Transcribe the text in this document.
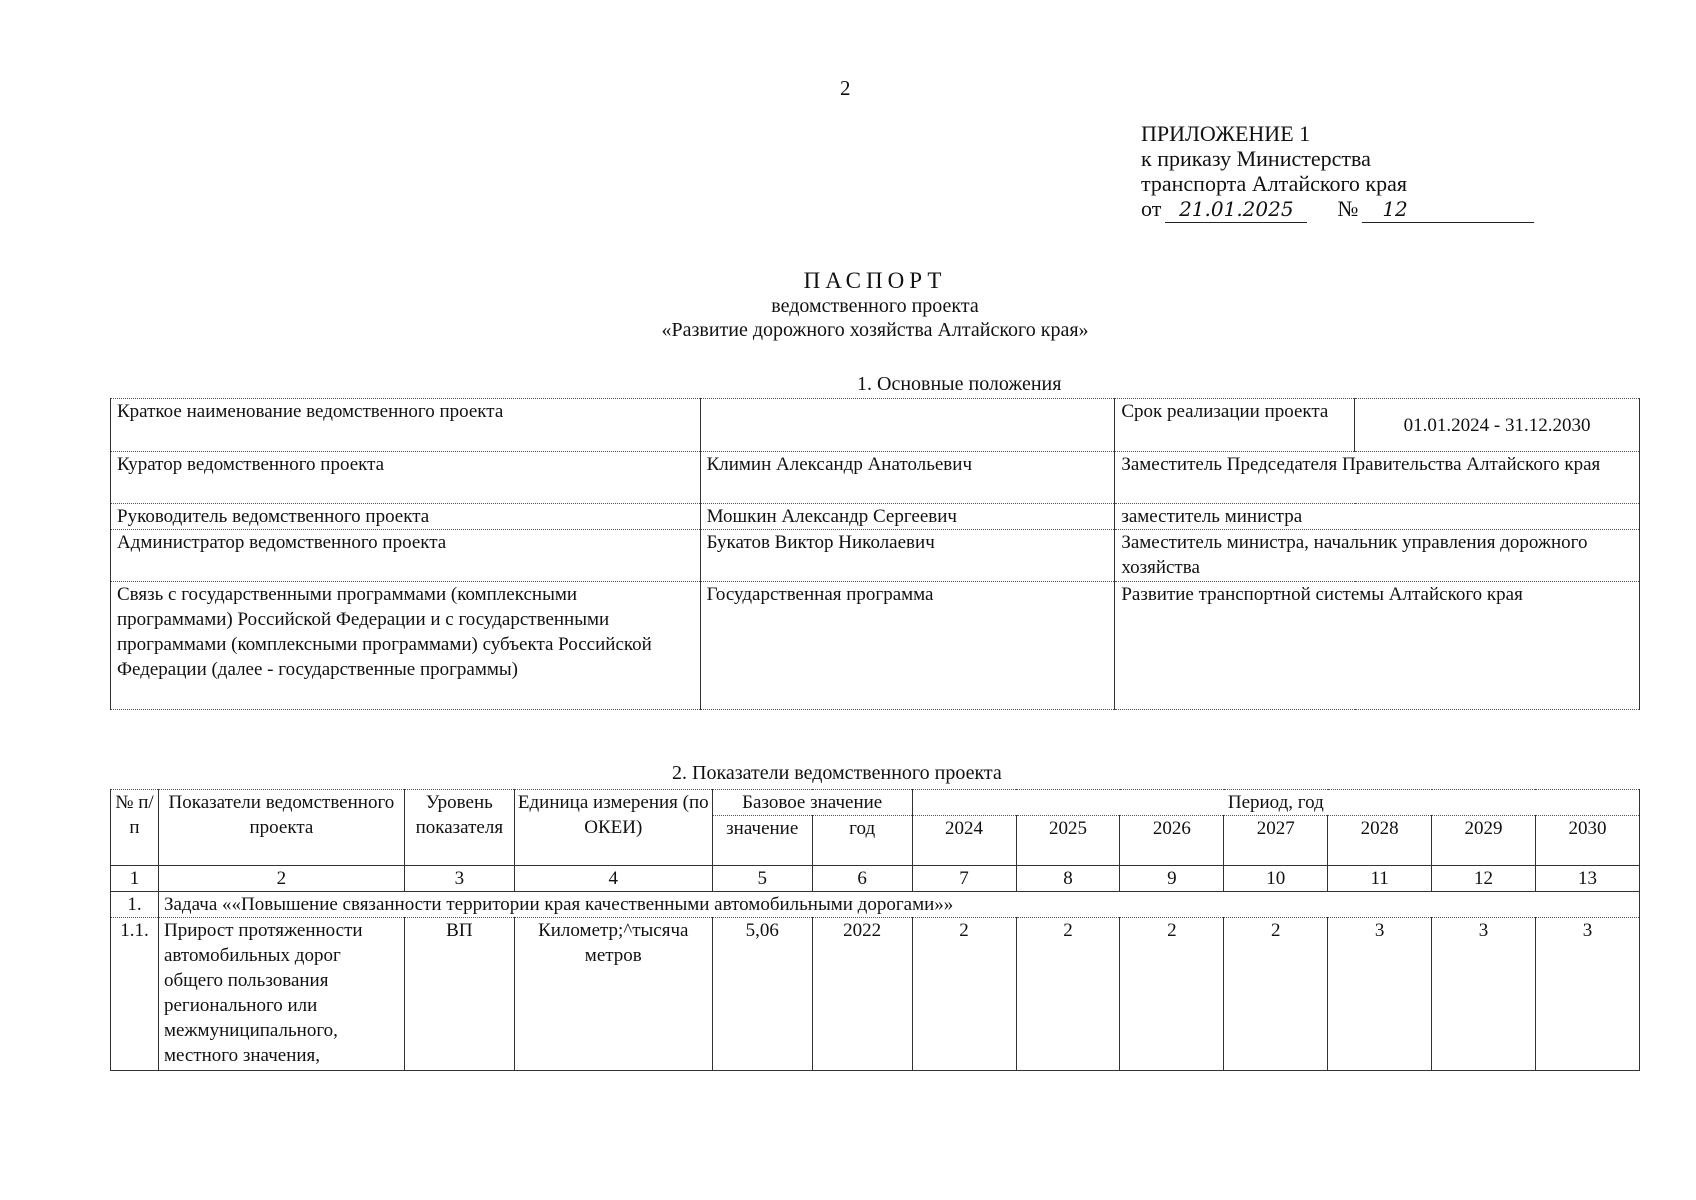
2
ПРИЛОЖЕНИЕ 1
к приказу Министерства
транспорта Алтайского края
от 21.01.2025	№	12
ПАСПОРТ
ведомственного проекта
«Развитие дорожного хозяйства Алтайского края»
1. Основные положения
Краткое наименование ведомственного проекта		Срок реализации проекта	01.01.2024 - 31.12.2030
Куратор ведомственного проекта	Климин Александр Анатольевич	Заместитель Председателя Правительства Алтайского края	
Руководитель ведомственного проекта	Мошкин Александр Сергеевич	заместитель министра	
Администратор ведомственного проекта	Букатов Виктор Николаевич	Заместитель министра, начальник управления дорожного хозяйства	
Связь с государственными программами (комплексными программами) Российской Федерации и с государственными программами (комплексными программами) субъекта Российской Федерации (далее - государственные программы)	Государственная программа	Развитие транспортной системы Алтайского края	
2. Показатели ведомственного проекта
№ п/п	Показатели ведомственного проекта	Уровень показателя	Единица измерения (по ОКЕИ)	Базовое значение		Период, год						
				значение	год	2024	2025	2026	2027	2028	2029	2030
1	2	3	4	5	6	7	8	9	10	11	12	13
1.	Задача ««Повышение связанности территории края качественными автомобильными дорогами»»											
1.1.	Прирост протяженности автомобильных дорог общего пользования регионального или межмуниципального, местного значения,	ВП	Километр;^тысяча метров	5,06	2022	2	2	2	2	3	3	3
